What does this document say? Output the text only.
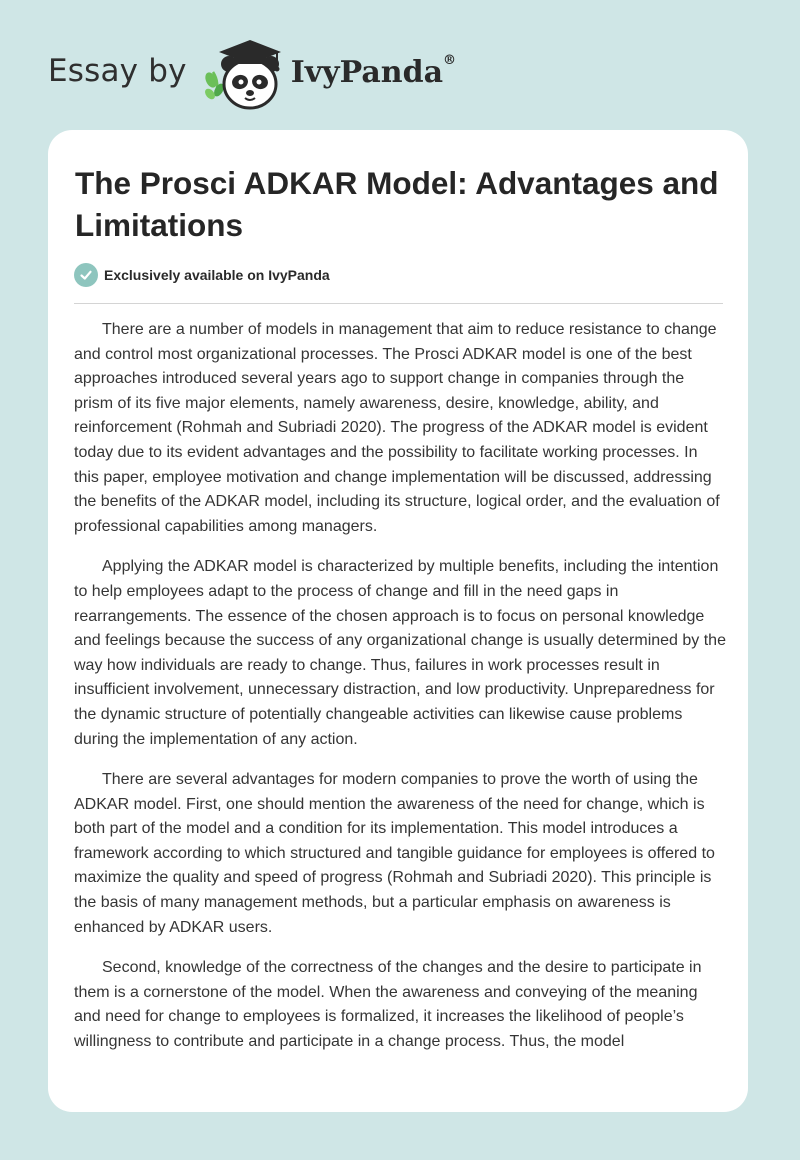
Essay by	IvyPanda®
The Prosci ADKAR Model: Advantages and Limitations
Exclusively available on IvyPanda

There are a number of models in management that aim to reduce resistance to change and control most organizational processes. The Prosci ADKAR model is one of the best approaches introduced several years ago to support change in companies through the prism of its five major elements, namely awareness, desire, knowledge, ability, and reinforcement (Rohmah and Subriadi 2020). The progress of the ADKAR model is evident today due to its evident advantages and the possibility to facilitate working processes. In this paper, employee motivation and change implementation will be discussed, addressing the benefits of the ADKAR model, including its structure, logical order, and the evaluation of professional capabilities among managers.

Applying the ADKAR model is characterized by multiple benefits, including the intention to help employees adapt to the process of change and fill in the need gaps in rearrangements. The essence of the chosen approach is to focus on personal knowledge and feelings because the success of any organizational change is usually determined by the way how individuals are ready to change. Thus, failures in work processes result in insufficient involvement, unnecessary distraction, and low productivity. Unpreparedness for the dynamic structure of potentially changeable activities can likewise cause problems during the implementation of any action.

There are several advantages for modern companies to prove the worth of using the ADKAR model. First, one should mention the awareness of the need for change, which is both part of the model and a condition for its implementation. This model introduces a framework according to which structured and tangible guidance for employees is offered to maximize the quality and speed of progress (Rohmah and Subriadi 2020). This principle is the basis of many management methods, but a particular emphasis on awareness is enhanced by ADKAR users.

Second, knowledge of the correctness of the changes and the desire to participate in them is a cornerstone of the model. When the awareness and conveying of the meaning and need for change to employees is formalized, it increases the likelihood of people’s willingness to contribute and participate in a change process. Thus, the model
